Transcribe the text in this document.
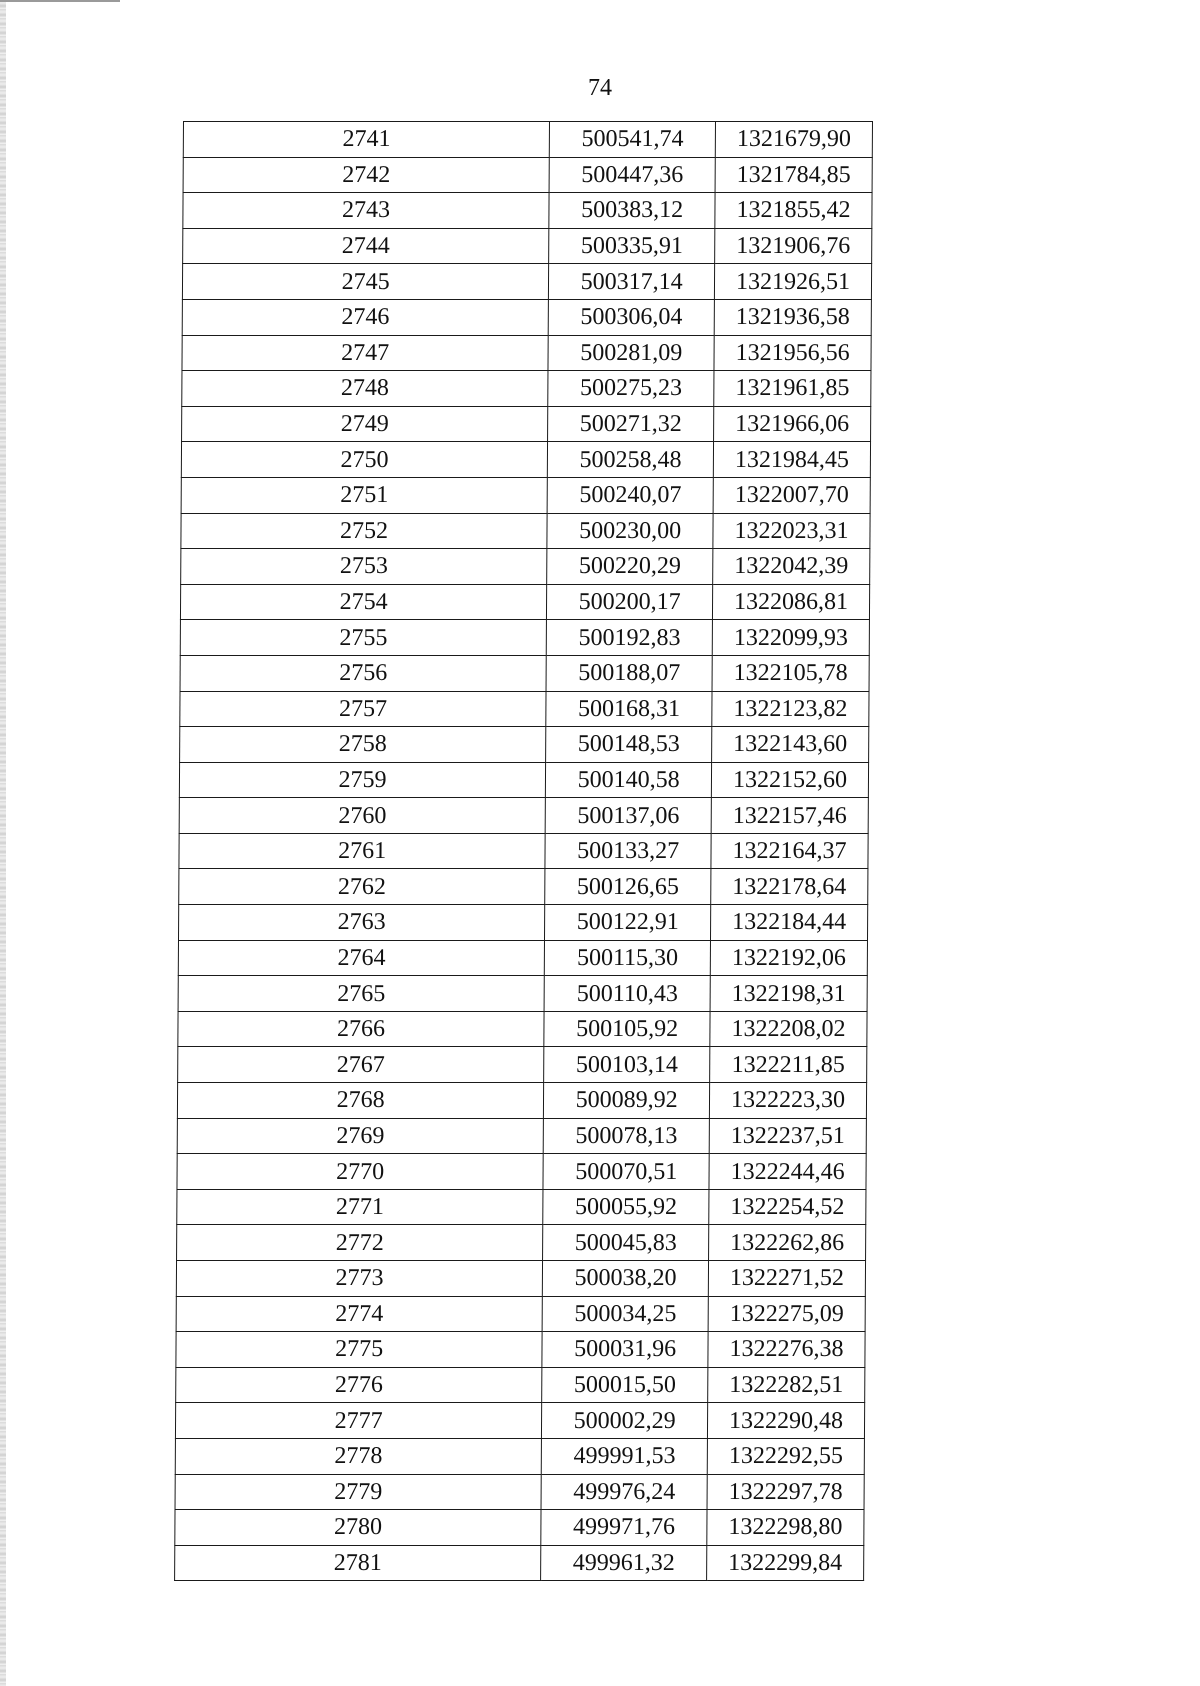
74
2741	500541,74	1321679,90
2742	500447,36	1321784,85
2743	500383,12	1321855,42
2744	500335,91	1321906,76
2745	500317,14	1321926,51
2746	500306,04	1321936,58
2747	500281,09	1321956,56
2748	500275,23	1321961,85
2749	500271,32	1321966,06
2750	500258,48	1321984,45
2751	500240,07	1322007,70
2752	500230,00	1322023,31
2753	500220,29	1322042,39
2754	500200,17	1322086,81
2755	500192,83	1322099,93
2756	500188,07	1322105,78
2757	500168,31	1322123,82
2758	500148,53	1322143,60
2759	500140,58	1322152,60
2760	500137,06	1322157,46
2761	500133,27	1322164,37
2762	500126,65	1322178,64
2763	500122,91	1322184,44
2764	500115,30	1322192,06
2765	500110,43	1322198,31
2766	500105,92	1322208,02
2767	500103,14	1322211,85
2768	500089,92	1322223,30
2769	500078,13	1322237,51
2770	500070,51	1322244,46
2771	500055,92	1322254,52
2772	500045,83	1322262,86
2773	500038,20	1322271,52
2774	500034,25	1322275,09
2775	500031,96	1322276,38
2776	500015,50	1322282,51
2777	500002,29	1322290,48
2778	499991,53	1322292,55
2779	499976,24	1322297,78
2780	499971,76	1322298,80
2781	499961,32	1322299,84
